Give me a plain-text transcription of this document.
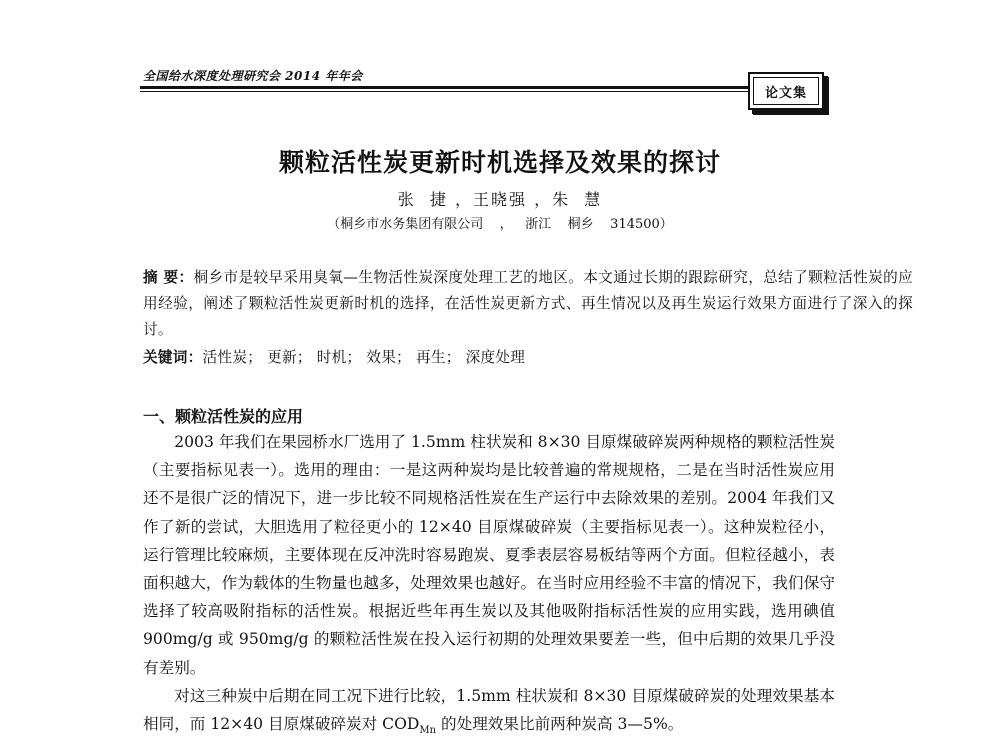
全国给水深度处理研究会 2014 年年会
论文集
颗粒活性炭更新时机选择及效果的探讨
张  捷 ，王晓强 ，朱  慧
（桐乡市水务集团有限公司    ，   浙江    桐乡    314500）
摘 要：桐乡市是较早采用臭氧—生物活性炭深度处理工艺的地区。本文通过长期的跟踪研究，总结了颗粒活性炭的应用经验，阐述了颗粒活性炭更新时机的选择，在活性炭更新方式、再生情况以及再生炭运行效果方面进行了深入的探讨。
关键词：活性炭； 更新； 时机； 效果； 再生； 深度处理
一、颗粒活性炭的应用
2003 年我们在果园桥水厂选用了 1.5mm 柱状炭和 8×30 目原煤破碎炭两种规格的颗粒活性炭（主要指标见表一）。选用的理由：一是这两种炭均是比较普遍的常规规格，二是在当时活性炭应用还不是很广泛的情况下，进一步比较不同规格活性炭在生产运行中去除效果的差别。2004 年我们又作了新的尝试，大胆选用了粒径更小的 12×40 目原煤破碎炭（主要指标见表一）。这种炭粒径小，运行管理比较麻烦，主要体现在反冲洗时容易跑炭、夏季表层容易板结等两个方面。但粒径越小，表面积越大，作为载体的生物量也越多，处理效果也越好。在当时应用经验不丰富的情况下，我们保守选择了较高吸附指标的活性炭。根据近些年再生炭以及其他吸附指标活性炭的应用实践，选用碘值 900mg/g 或 950mg/g 的颗粒活性炭在投入运行初期的处理效果要差一些，但中后期的效果几乎没有差别。
对这三种炭中后期在同工况下进行比较，1.5mm 柱状炭和 8×30 目原煤破碎炭的处理效果基本相同，而 12×40 目原煤破碎炭对 $COD_{Mn}$ 的处理效果比前两种炭高 3—5%。
